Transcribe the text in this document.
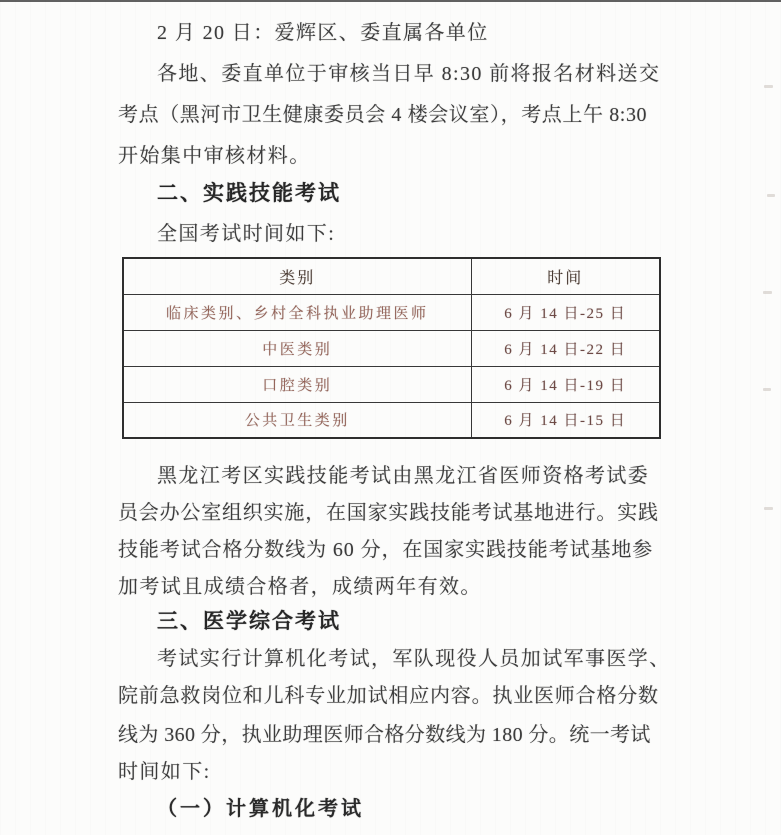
2 月 20 日：爱辉区、委直属各单位
各地、委直单位于审核当日早 8:30 前将报名材料送交
考点（黑河市卫生健康委员会 4 楼会议室），考点上午 8:30
开始集中审核材料。
二、实践技能考试
全国考试时间如下:
类别	时间
临床类别、乡村全科执业助理医师	6 月 14 日-25 日
中医类别	6 月 14 日-22 日
口腔类别	6 月 14 日-19 日
公共卫生类别	6 月 14 日-15 日
黑龙江考区实践技能考试由黑龙江省医师资格考试委
员会办公室组织实施，在国家实践技能考试基地进行。实践
技能考试合格分数线为 60 分，在国家实践技能考试基地参
加考试且成绩合格者，成绩两年有效。
三、医学综合考试
考试实行计算机化考试，军队现役人员加试军事医学、
院前急救岗位和儿科专业加试相应内容。执业医师合格分数
线为 360 分，执业助理医师合格分数线为 180 分。统一考试
时间如下:
（一）计算机化考试
